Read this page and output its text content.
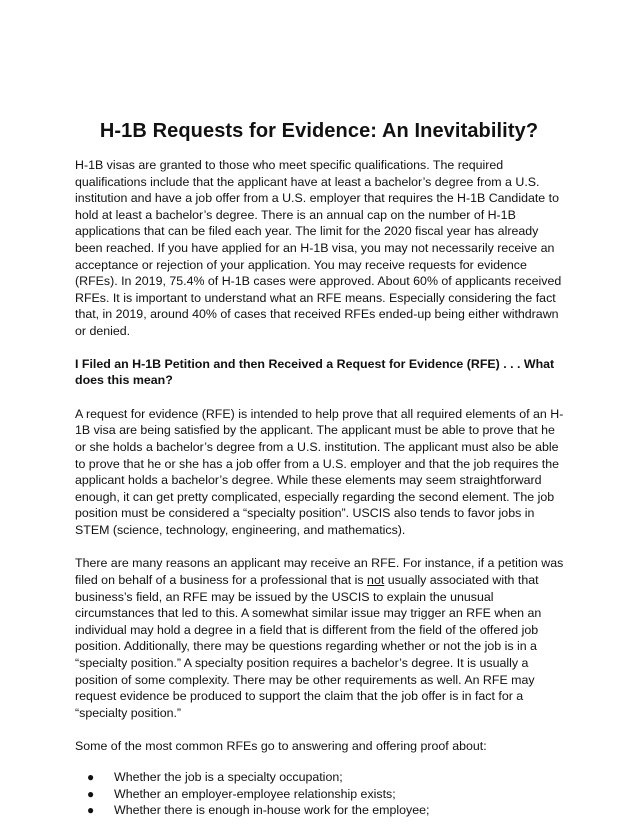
H-1B Requests for Evidence: An Inevitability?

H-1B visas are granted to those who meet specific qualifications. The required qualifications include that the applicant have at least a bachelor’s degree from a U.S. institution and have a job offer from a U.S. employer that requires the H-1B Candidate to hold at least a bachelor’s degree. There is an annual cap on the number of H-1B applications that can be filed each year. The limit for the 2020 fiscal year has already been reached. If you have applied for an H-1B visa, you may not necessarily receive an acceptance or rejection of your application. You may receive requests for evidence (RFEs). In 2019, 75.4% of H-1B cases were approved. About 60% of applicants received RFEs. It is important to understand what an RFE means. Especially considering the fact that, in 2019, around 40% of cases that received RFEs ended-up being either withdrawn or denied.

I Filed an H-1B Petition and then Received a Request for Evidence (RFE) . . . What does this mean?

A request for evidence (RFE) is intended to help prove that all required elements of an H-1B visa are being satisfied by the applicant. The applicant must be able to prove that he or she holds a bachelor’s degree from a U.S. institution. The applicant must also be able to prove that he or she has a job offer from a U.S. employer and that the job requires the applicant holds a bachelor’s degree. While these elements may seem straightforward enough, it can get pretty complicated, especially regarding the second element. The job position must be considered a “specialty position”. USCIS also tends to favor jobs in STEM (science, technology, engineering, and mathematics).

There are many reasons an applicant may receive an RFE. For instance, if a petition was filed on behalf of a business for a professional that is not usually associated with that business’s field, an RFE may be issued by the USCIS to explain the unusual circumstances that led to this. A somewhat similar issue may trigger an RFE when an individual may hold a degree in a field that is different from the field of the offered job position. Additionally, there may be questions regarding whether or not the job is in a “specialty position.” A specialty position requires a bachelor’s degree. It is usually a position of some complexity. There may be other requirements as well. An RFE may request evidence be produced to support the claim that the job offer is in fact for a “specialty position.”

Some of the most common RFEs go to answering and offering proof about:

● Whether the job is a specialty occupation;
● Whether an employer-employee relationship exists;
● Whether there is enough in-house work for the employee;
